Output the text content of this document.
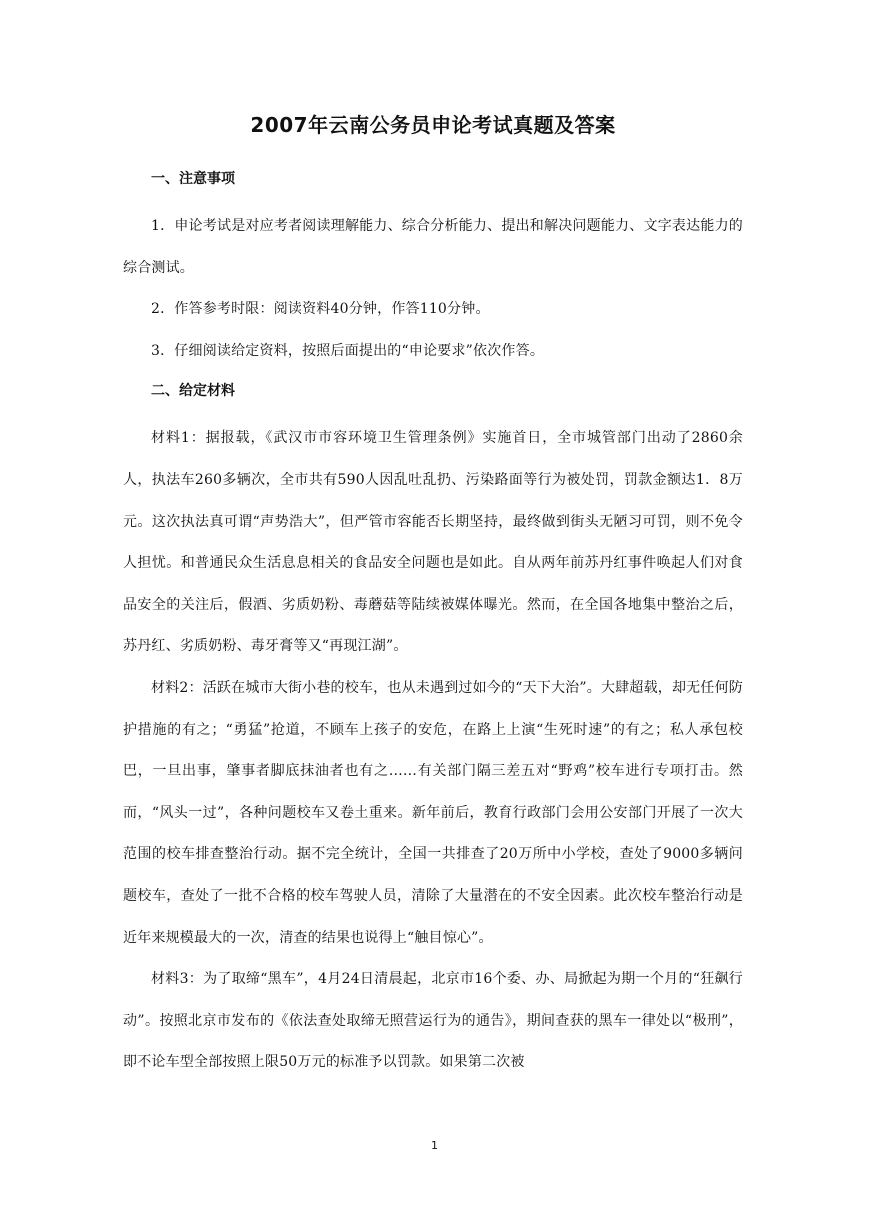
2007年云南公务员申论考试真题及答案
一、注意事项

1．申论考试是对应考者阅读理解能力、综合分析能力、提出和解决问题能力、文字表达能力的综合测试。

2．作答参考时限：阅读资料40分钟，作答110分钟。

3．仔细阅读给定资料，按照后面提出的“申论要求”依次作答。

二、给定材料

材料1：据报载，《武汉市市容环境卫生管理条例》实施首日，全市城管部门出动了2860余人，执法车260多辆次，全市共有590人因乱吐乱扔、污染路面等行为被处罚，罚款金额达1．8万元。这次执法真可谓“声势浩大”，但严管市容能否长期坚持，最终做到街头无陋习可罚，则不免令人担忧。和普通民众生活息息相关的食品安全问题也是如此。自从两年前苏丹红事件唤起人们对食品安全的关注后，假酒、劣质奶粉、毒蘑菇等陆续被媒体曝光。然而，在全国各地集中整治之后，苏丹红、劣质奶粉、毒牙膏等又“再现江湖”。

材料2：活跃在城市大街小巷的校车，也从未遇到过如今的“天下大治”。大肆超载，却无任何防护措施的有之；“勇猛”抢道，不顾车上孩子的安危，在路上上演“生死时速”的有之；私人承包校巴，一旦出事，肇事者脚底抹油者也有之……有关部门隔三差五对“野鸡”校车进行专项打击。然而，“风头一过”，各种问题校车又卷土重来。新年前后，教育行政部门会用公安部门开展了一次大范围的校车排查整治行动。据不完全统计，全国一共排查了20万所中小学校，查处了9000多辆问题校车，查处了一批不合格的校车驾驶人员，清除了大量潜在的不安全因素。此次校车整治行动是近年来规模最大的一次，清查的结果也说得上“触目惊心”。

材料3：为了取缔“黑车”，4月24日清晨起，北京市16个委、办、局掀起为期一个月的“狂飙行动”。按照北京市发布的《依法查处取缔无照营运行为的通告》，期间查获的黑车一律处以“极刑”，即不论车型全部按照上限50万元的标准予以罚款。如果第二次被

1
